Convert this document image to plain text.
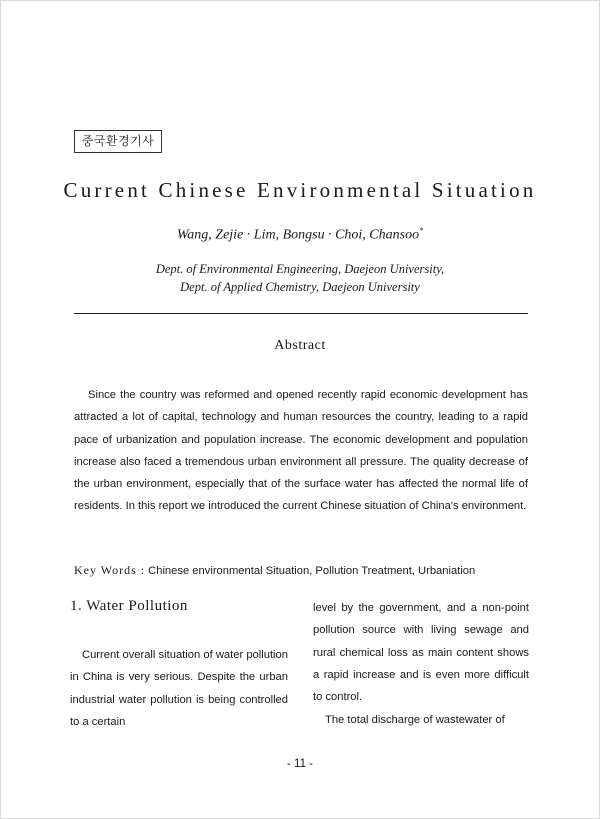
중국환경기사
Current Chinese Environmental Situation
Wang, Zejie · Lim, Bongsu · Choi, Chansoo*
Dept. of Environmental Engineering, Daejeon University,
Dept. of Applied Chemistry, Daejeon University
Abstract
Since the country was reformed and opened recently rapid economic development has attracted a lot of capital, technology and human resources the country, leading to a rapid pace of urbanization and population increase. The economic development and population increase also faced a tremendous urban environment all pressure. The quality decrease of the urban environment, especially that of the surface water has affected the normal life of residents. In this report we introduced the current Chinese situation of China's environment.
Key Words : Chinese environmental Situation, Pollution Treatment, Urbaniation
1. Water Pollution
Current overall situation of water pollution in China is very serious. Despite the urban industrial water pollution is being controlled to a certain
level by the government, and a non-point pollution source with living sewage and rural chemical loss as main content shows a rapid increase and is even more difficult to control.
The total discharge of wastewater of
- 11 -
